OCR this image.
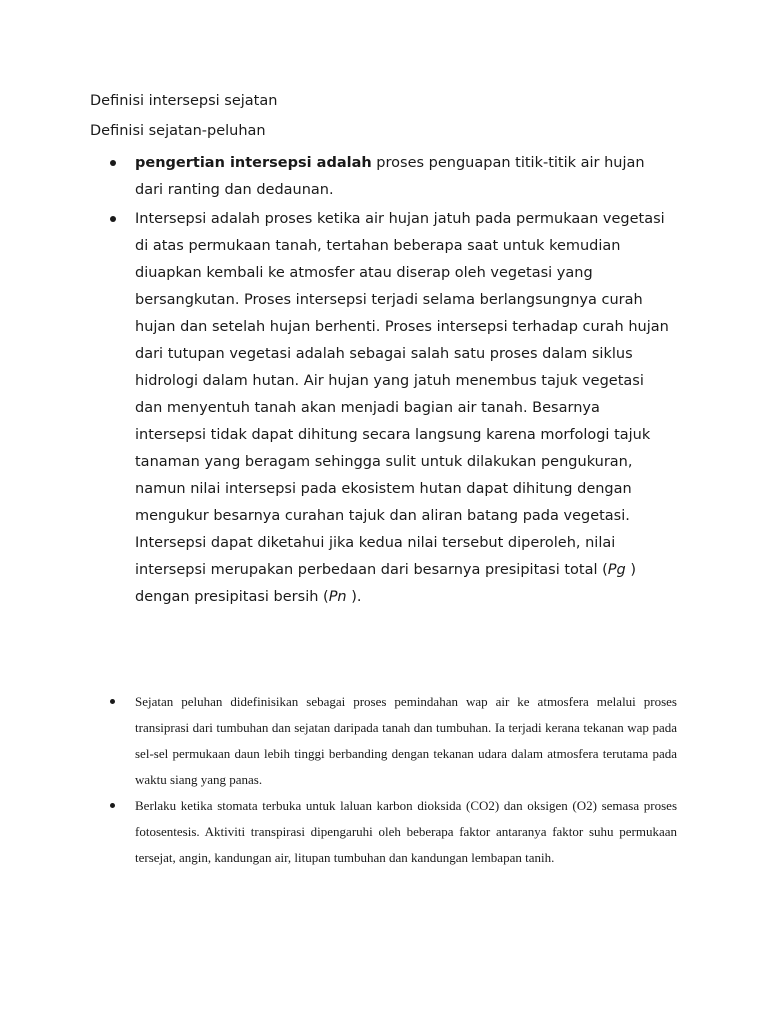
Definisi intersepsi sejatan

Definisi sejatan-peluhan

pengertian intersepsi adalah proses penguapan titik-titik air hujan dari ranting dan dedaunan.
Intersepsi adalah proses ketika air hujan jatuh pada permukaan vegetasi di atas permukaan tanah, tertahan beberapa saat untuk kemudian diuapkan kembali ke atmosfer atau diserap oleh vegetasi yang bersangkutan. Proses intersepsi terjadi selama berlangsungnya curah hujan dan setelah hujan berhenti. Proses intersepsi terhadap curah hujan dari tutupan vegetasi adalah sebagai salah satu proses dalam siklus hidrologi dalam hutan. Air hujan yang jatuh menembus tajuk vegetasi dan menyentuh tanah akan menjadi bagian air tanah. Besarnya intersepsi tidak dapat dihitung secara langsung karena morfologi tajuk tanaman yang beragam sehingga sulit untuk dilakukan pengukuran, namun nilai intersepsi pada ekosistem hutan dapat dihitung dengan mengukur besarnya curahan tajuk dan aliran batang pada vegetasi. Intersepsi dapat diketahui jika kedua nilai tersebut diperoleh, nilai intersepsi merupakan perbedaan dari besarnya presipitasi total (Pg ) dengan presipitasi bersih (Pn ).
Sejatan peluhan didefinisikan sebagai proses pemindahan wap air ke atmosfera melalui proses transiprasi dari tumbuhan dan sejatan daripada tanah dan tumbuhan. Ia terjadi kerana tekanan wap pada sel-sel permukaan daun lebih tinggi berbanding dengan tekanan udara dalam atmosfera terutama pada waktu siang yang panas.
Berlaku ketika stomata terbuka untuk laluan karbon dioksida (CO2) dan oksigen (O2) semasa proses fotosentesis. Aktiviti transpirasi dipengaruhi oleh beberapa faktor antaranya faktor suhu permukaan tersejat, angin, kandungan air, litupan tumbuhan dan kandungan lembapan tanih.
